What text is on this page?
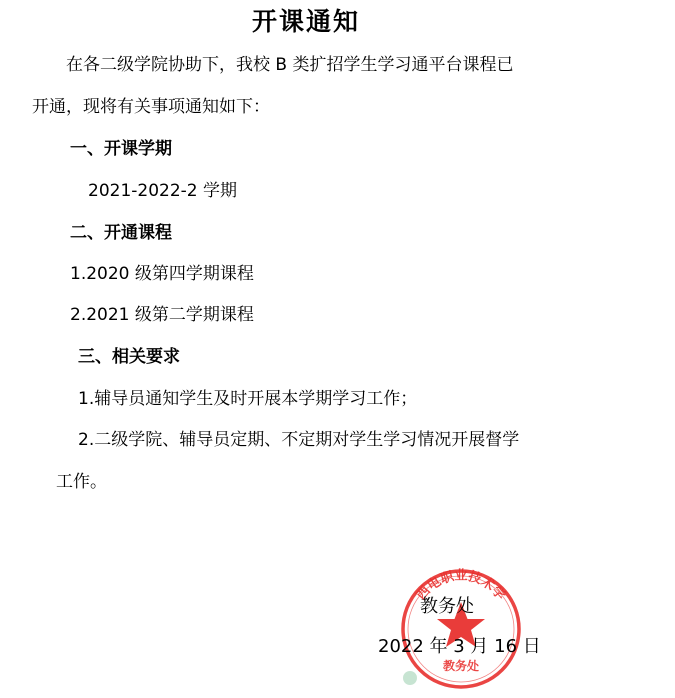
开课通知
在各二级学院协助下，我校 B 类扩招学生学习通平台课程已
开通，现将有关事项通知如下：
一、开课学期
2021-2022-2 学期
二、开通课程
1.2020 级第四学期课程
2.2021 级第二学期课程
三、相关要求
1.辅导员通知学生及时开展本学期学习工作；
2.二级学院、辅导员定期、不定期对学生学习情况开展督学
工作。
西电职业技术学
教务处
教务处
2022 年 3 月 16 日
